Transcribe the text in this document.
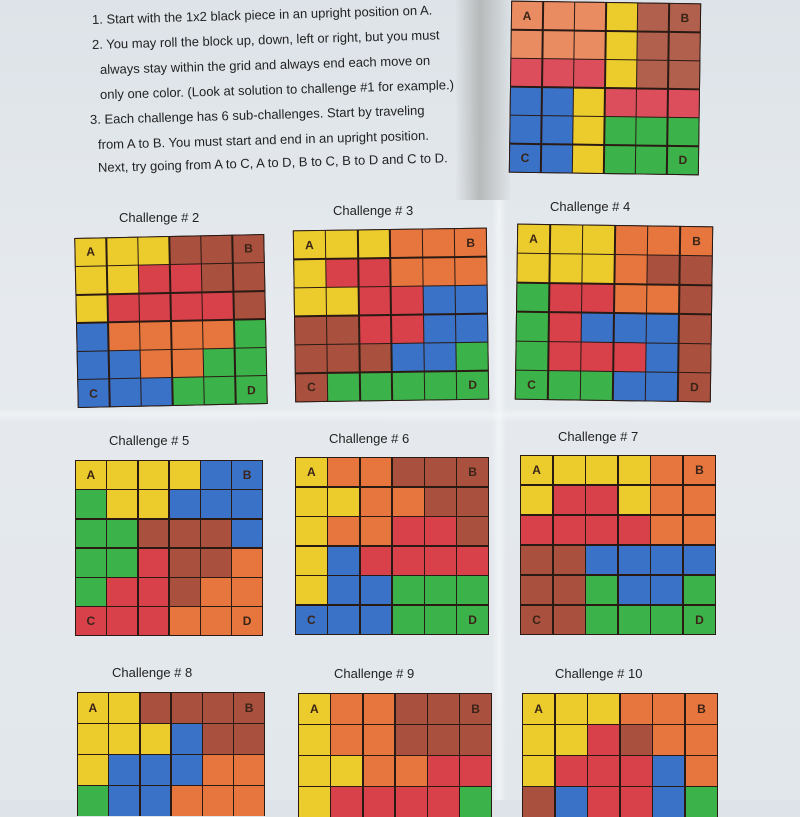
1. Start with the 1x2 black piece in an upright position on A.
2. You may roll the block up, down, left or right, but you must
always stay within the grid and always end each move on
only one color. (Look at solution to challenge #1 for example.)
3. Each challenge has 6 sub-challenges. Start by traveling
from A to B. You must start and end in an upright position.
Next, try going from A to C, A to D, B to C, B to D and C to D.
A	B
C	D
Challenge # 2
A	B
C	D
Challenge # 3
A	B
C	D
Challenge # 4
A	B
C	D
Challenge # 5
A	B
C	D
Challenge # 6
A	B
C	D
Challenge # 7
A	B
C	D
Challenge # 8
A	B
Challenge # 9
A	B
Challenge # 10
A	B
